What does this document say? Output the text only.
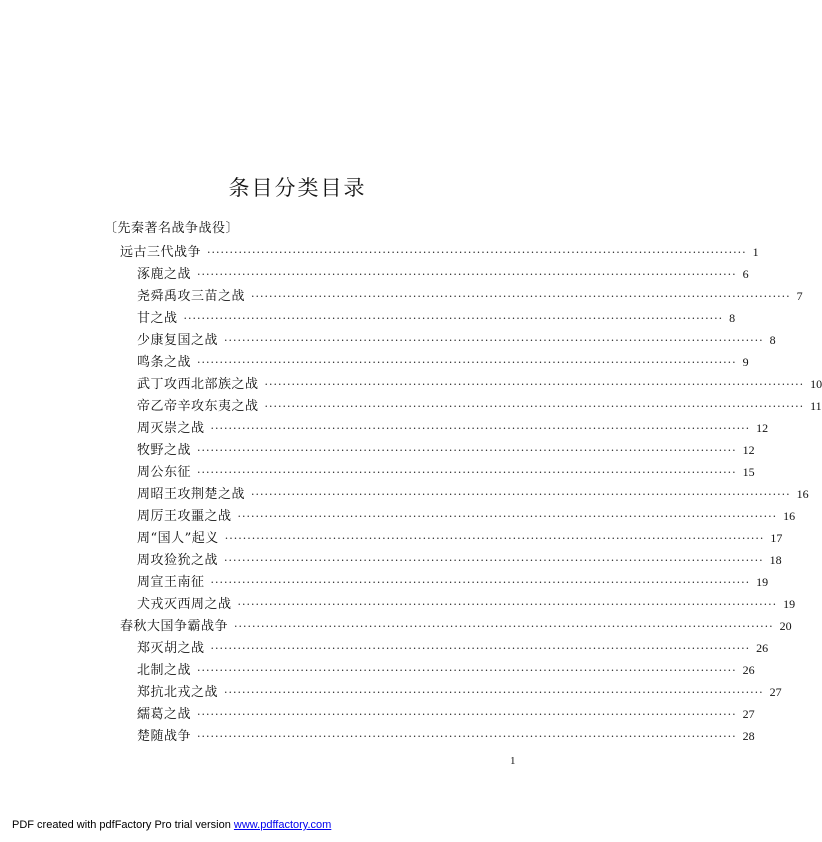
条目分类目录
〔先秦著名战争战役〕
远古三代战争 ························································································································ 1
涿鹿之战 ························································································································ 6
尧舜禹攻三苗之战 ························································································································ 7
甘之战 ························································································································ 8
少康复国之战 ························································································································ 8
鸣条之战 ························································································································ 9
武丁攻西北部族之战 ························································································································ 10
帝乙帝辛攻东夷之战 ························································································································ 11
周灭崇之战 ························································································································ 12
牧野之战 ························································································································ 12
周公东征 ························································································································ 15
周昭王攻荆楚之战 ························································································································ 16
周厉王攻噩之战 ························································································································ 16
周“国人”起义 ························································································································ 17
周攻猃狁之战 ························································································································ 18
周宣王南征 ························································································································ 19
犬戎灭西周之战 ························································································································ 19
春秋大国争霸战争 ························································································································ 20
郑灭胡之战 ························································································································ 26
北制之战 ························································································································ 26
郑抗北戎之战 ························································································································ 27
繻葛之战 ························································································································ 27
楚随战争 ························································································································ 28
1
PDF created with pdfFactory Pro trial version www.pdffactory.com
